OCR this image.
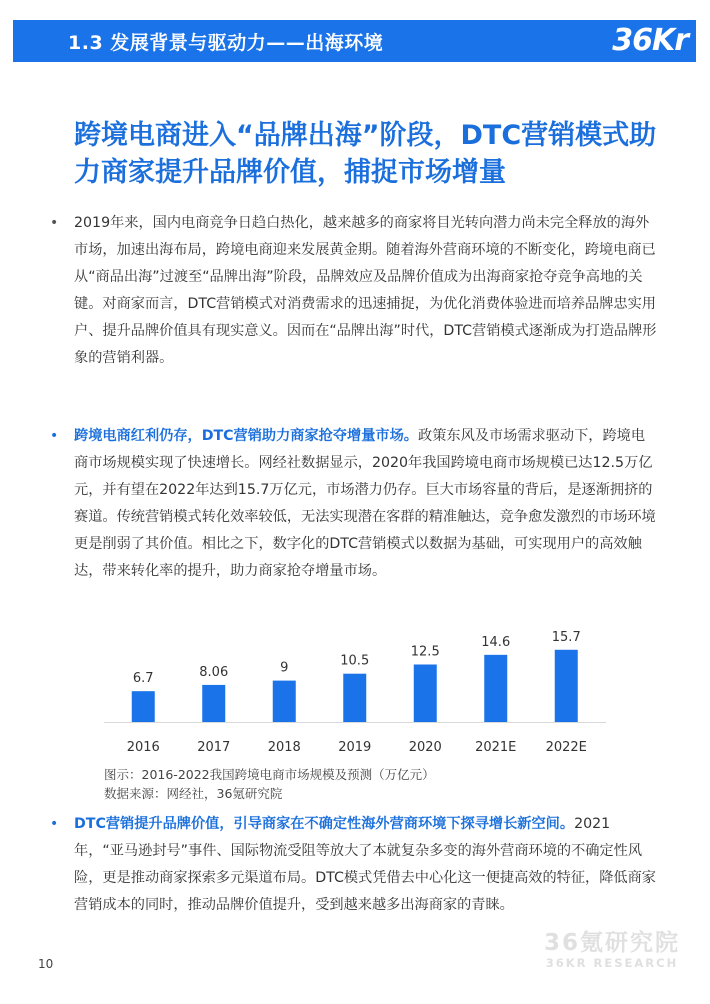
1.3 发展背景与驱动力——出海环境	36Kr
跨境电商进入“品牌出海”阶段，DTC营销模式助力商家提升品牌价值，捕捉市场增量
• 2019年来，国内电商竞争日趋白热化，越来越多的商家将目光转向潜力尚未完全释放的海外市场，加速出海布局，跨境电商迎来发展黄金期。随着海外营商环境的不断变化，跨境电商已从“商品出海”过渡至“品牌出海”阶段，品牌效应及品牌价值成为出海商家抢夺竞争高地的关键。对商家而言，DTC营销模式对消费需求的迅速捕捉，为优化消费体验进而培养品牌忠实用户、提升品牌价值具有现实意义。因而在“品牌出海”时代，DTC营销模式逐渐成为打造品牌形象的营销利器。

• 跨境电商红利仍存，DTC营销助力商家抢夺增量市场。政策东风及市场需求驱动下，跨境电商市场规模实现了快速增长。网经社数据显示，2020年我国跨境电商市场规模已达12.5万亿元，并有望在2022年达到15.7万亿元，市场潜力仍存。巨大市场容量的背后，是逐渐拥挤的赛道。传统营销模式转化效率较低，无法实现潜在客群的精准触达，竞争愈发激烈的市场环境更是削弱了其价值。相比之下，数字化的DTC营销模式以数据为基础，可实现用户的高效触达，带来转化率的提升，助力商家抢夺增量市场。

6.7
2016
8.06
2017
9
2018
10.5
2019
12.5
2020
14.6
2021E
15.7
2022E
图示：2016-2022我国跨境电商市场规模及预测（万亿元）
数据来源：网经社，36氪研究院
• DTC营销提升品牌价值，引导商家在不确定性海外营商环境下探寻增长新空间。2021年，“亚马逊封号”事件、国际物流受阻等放大了本就复杂多变的海外营商环境的不确定性风险，更是推动商家探索多元渠道布局。DTC模式凭借去中心化这一便捷高效的特征，降低商家营销成本的同时，推动品牌价值提升，受到越来越多出海商家的青睐。

36氪研究院
36KR RESEARCH
10
